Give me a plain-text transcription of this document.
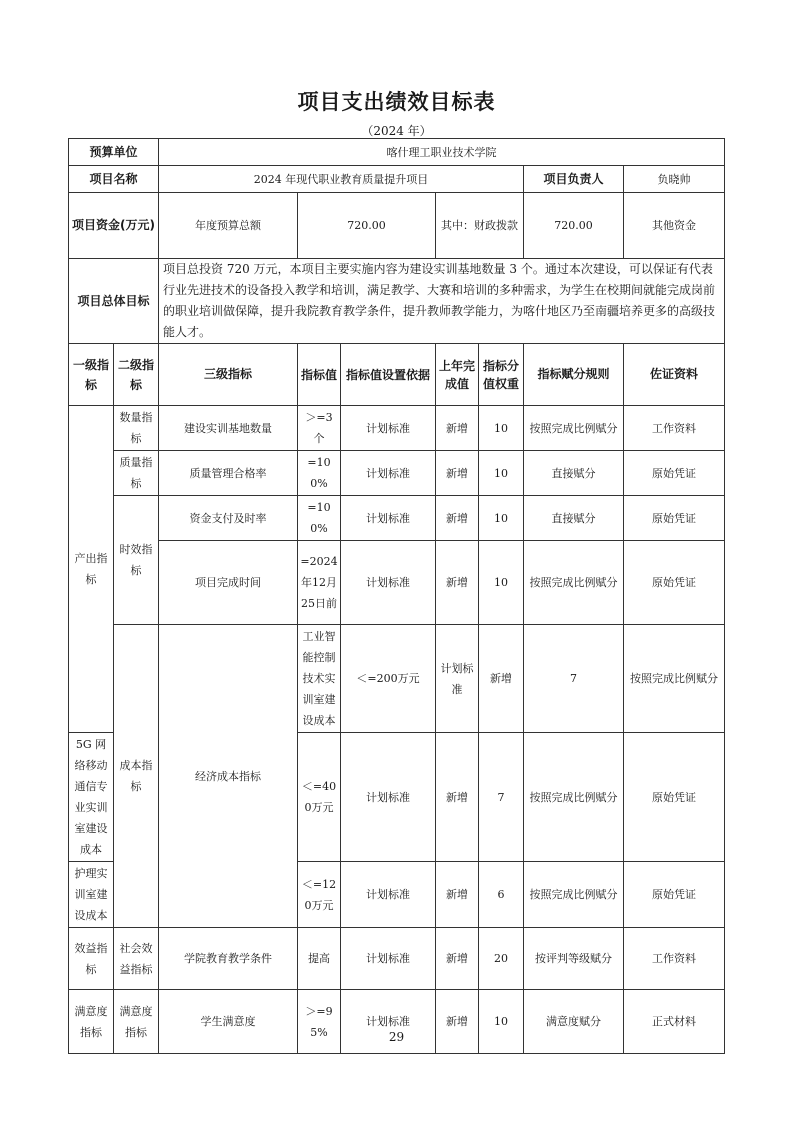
项目支出绩效目标表
（2024 年）
预算单位		喀什理工职业技术学院							
项目名称		2024 年现代职业教育质量提升项目					项目负责人	负晓帅	
项目资金(万元)		年度预算总额	720.00		其中：财政拨款		720.00	其他资金	
项目总体目标		项目总投资 720 万元，本项目主要实施内容为建设实训基地数量 3 个。通过本次建设，可以保证有代表行业先进技术的设备投入教学和培训，满足教学、大赛和培训的多种需求，为学生在校期间就能完成岗前的职业培训做保障，提升我院教育教学条件，提升教师教学能力，为喀什地区乃至南疆培养更多的高级技能人才。							
一级指标	二级指标	三级指标	指标值	指标值设置依据	上年完成值	指标分值权重	指标赋分规则	佐证资料	
产出指标	数量指标	建设实训基地数量	＞=3个	计划标准	新增	10	按照完成比例赋分	工作资料	
	质量指标	质量管理合格率	=100%	计划标准	新增	10	直接赋分	原始凭证	
	时效指标	资金支付及时率	=100%	计划标准	新增	10	直接赋分	原始凭证	
		项目完成时间	=2024年12月25日前	计划标准	新增	10	按照完成比例赋分	原始凭证	
	成本指标	经济成本指标	工业智能控制技术实训室建设成本	＜=200万元	计划标准	新增	7	按照完成比例赋分	
5G 网络移动通信专业实训室建设成本			＜=400万元	计划标准	新增	7	按照完成比例赋分	原始凭证	
护理实训室建设成本			＜=120万元	计划标准	新增	6	按照完成比例赋分	原始凭证	
效益指标	社会效益指标	学院教育教学条件	提高	计划标准	新增	20	按评判等级赋分	工作资料	
满意度指标	满意度指标	学生满意度	＞=95%	计划标准	新增	10	满意度赋分	正式材料	
29
